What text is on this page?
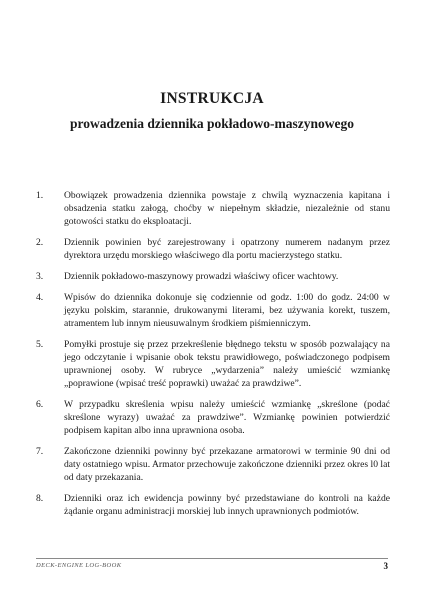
INSTRUKCJA
prowadzenia dziennika pokładowo-maszynowego
1. Obowiązek prowadzenia dziennika powstaje z chwilą wyznaczenia kapitana i obsadzenia statku załogą, choćby w niepełnym składzie, niezależnie od stanu gotowości statku do eksploatacji.
2. Dziennik powinien być zarejestrowany i opatrzony numerem nadanym przez dyrektora urzędu morskiego właściwego dla portu macierzystego statku.
3. Dziennik pokładowo-maszynowy prowadzi właściwy oficer wachtowy.
4. Wpisów do dziennika dokonuje się codziennie od godz. 1:00 do godz. 24:00 w języku polskim, starannie, drukowanymi literami, bez używania korekt, tuszem, atramentem lub innym nieusuwalnym środkiem piśmienniczym.
5. Pomyłki prostuje się przez przekreślenie błędnego tekstu w sposób pozwalający na jego odczytanie i wpisanie obok tekstu prawidłowego, poświadczonego podpisem uprawnionej osoby. W rubryce „wydarzenia” należy umieścić wzmiankę „poprawione (wpisać treść poprawki) uważać za prawdziwe”.
6. W przypadku skreślenia wpisu należy umieścić wzmiankę „skreślone (podać skreślone wyrazy) uważać za prawdziwe”. Wzmiankę powinien potwierdzić podpisem kapitan albo inna uprawniona osoba.
7. Zakończone dzienniki powinny być przekazane armatorowi w terminie 90 dni od daty ostatniego wpisu. Armator przechowuje zakończone dzienniki przez okres l0 lat od daty przekazania.
8. Dzienniki oraz ich ewidencja powinny być przedstawiane do kontroli na każde żądanie organu administracji morskiej lub innych uprawnionych podmiotów.
DECK-ENGINE LOG-BOOK	3
